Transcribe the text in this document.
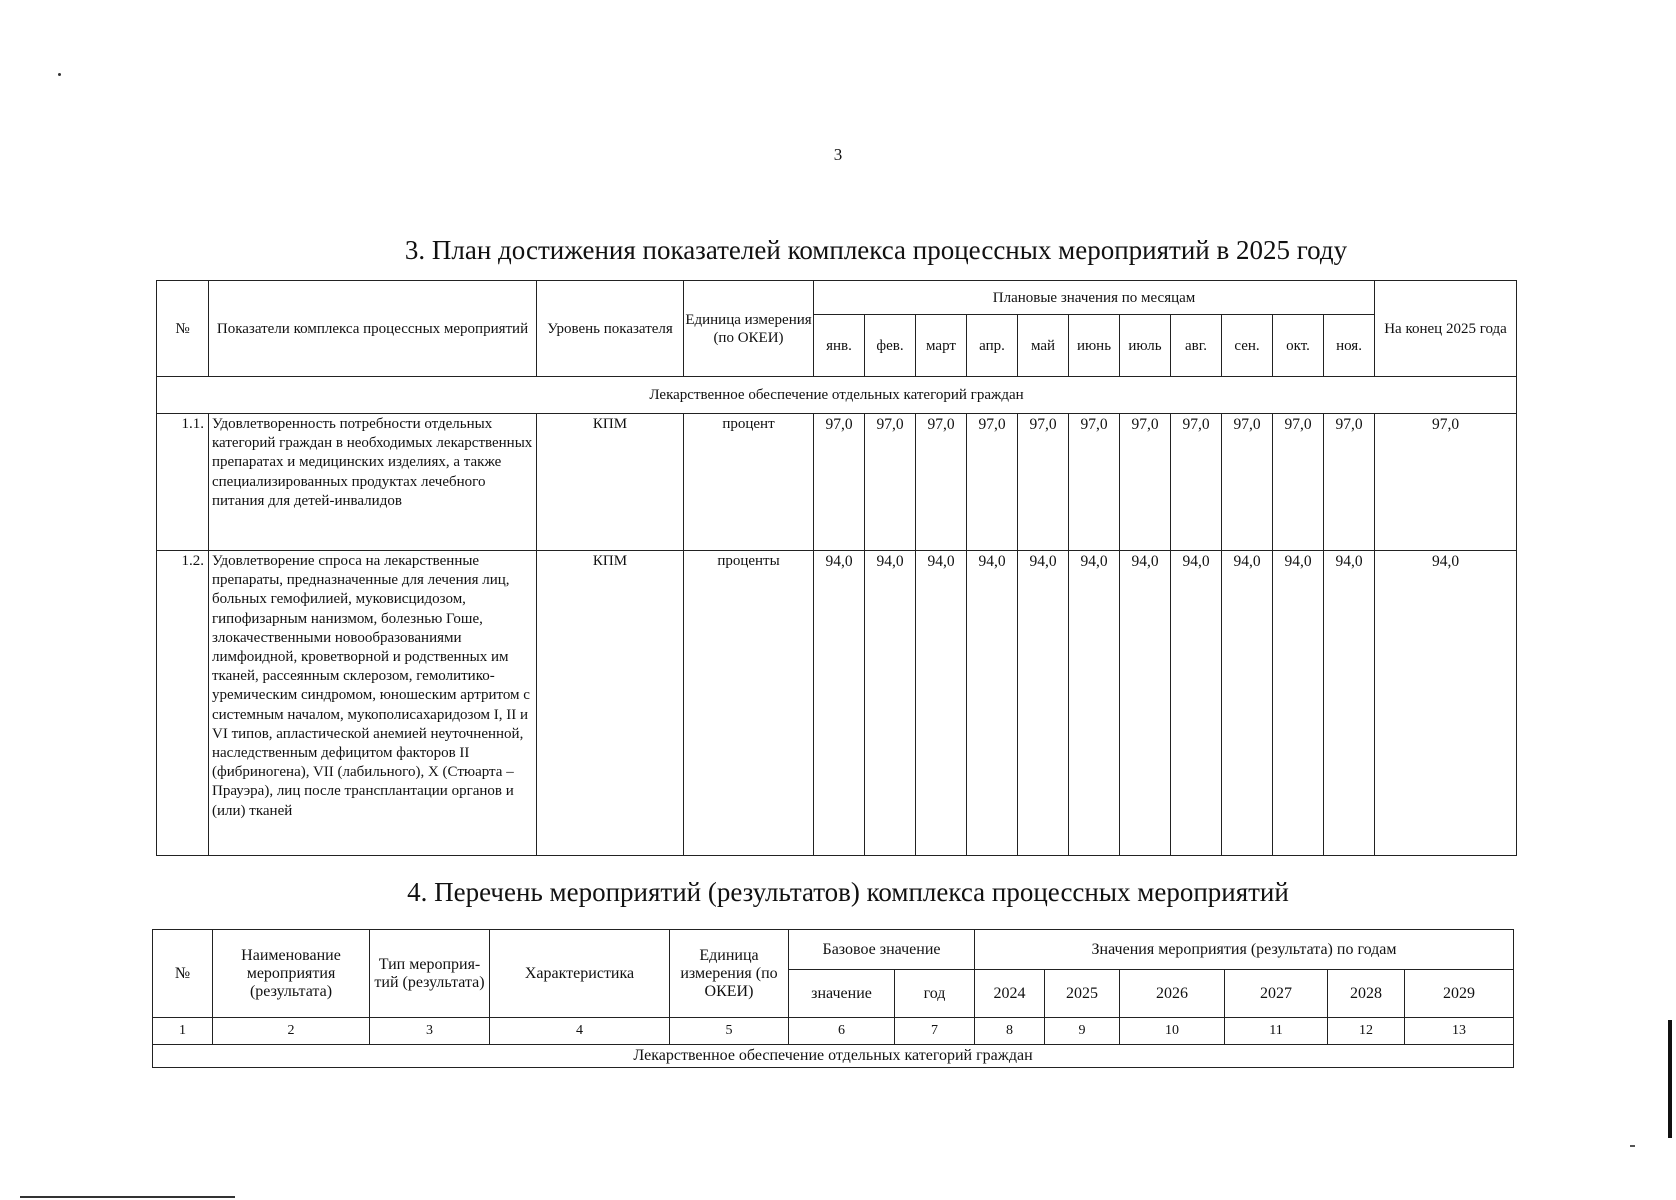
3
3. План достижения показателей комплекса процессных мероприятий в 2025 году
№	Показатели комплекса процессных мероприятий	Уровень показателя	Единица измерения (по ОКЕИ)	Плановые значения по месяцам											На конец 2025 года
				янв.	фев.	март	апр.	май	июнь	июль	авг.	сен.	окт.	ноя.	
Лекарственное обеспечение отдельных категорий граждан															
1.1.	Удовлетворенность потребности отдельных категорий граждан в необходимых лекарственных препаратах и медицинских изделиях, а также специализированных продуктах лечебного питания для детей-инвалидов	КПМ	процент	97,0	97,0	97,0	97,0	97,0	97,0	97,0	97,0	97,0	97,0	97,0	97,0
1.2.	Удовлетворение спроса на лекарственные препараты, предназначенные для лечения лиц, больных гемофилией, муковисцидозом, гипофизарным нанизмом, болезнью Гоше, злокачественными новообразованиями лимфоидной, кроветворной и родственных им тканей, рассеянным склерозом, гемолитико-уремическим синдромом, юношеским артритом с системным началом, мукополисахаридозом I, II и VI типов, апластической анемией неуточненной, наследственным дефицитом факторов II (фибриногена), VII (лабильного), X (Стюарта – Прауэра), лиц после трансплантации органов и (или) тканей	КПМ	проценты	94,0	94,0	94,0	94,0	94,0	94,0	94,0	94,0	94,0	94,0	94,0	94,0
4. Перечень мероприятий (результатов) комплекса процессных мероприятий
№	Наименование мероприятия (результата)	Тип мероприя- тий (результата)	Характеристика	Единица измерения (по ОКЕИ)	Базовое значение		Значения мероприятия (результата) по годам					
					значение	год	2024	2025	2026	2027	2028	2029
1	2	3	4	5	6	7	8	9	10	11	12	13
Лекарственное обеспечение отдельных категорий граждан												
